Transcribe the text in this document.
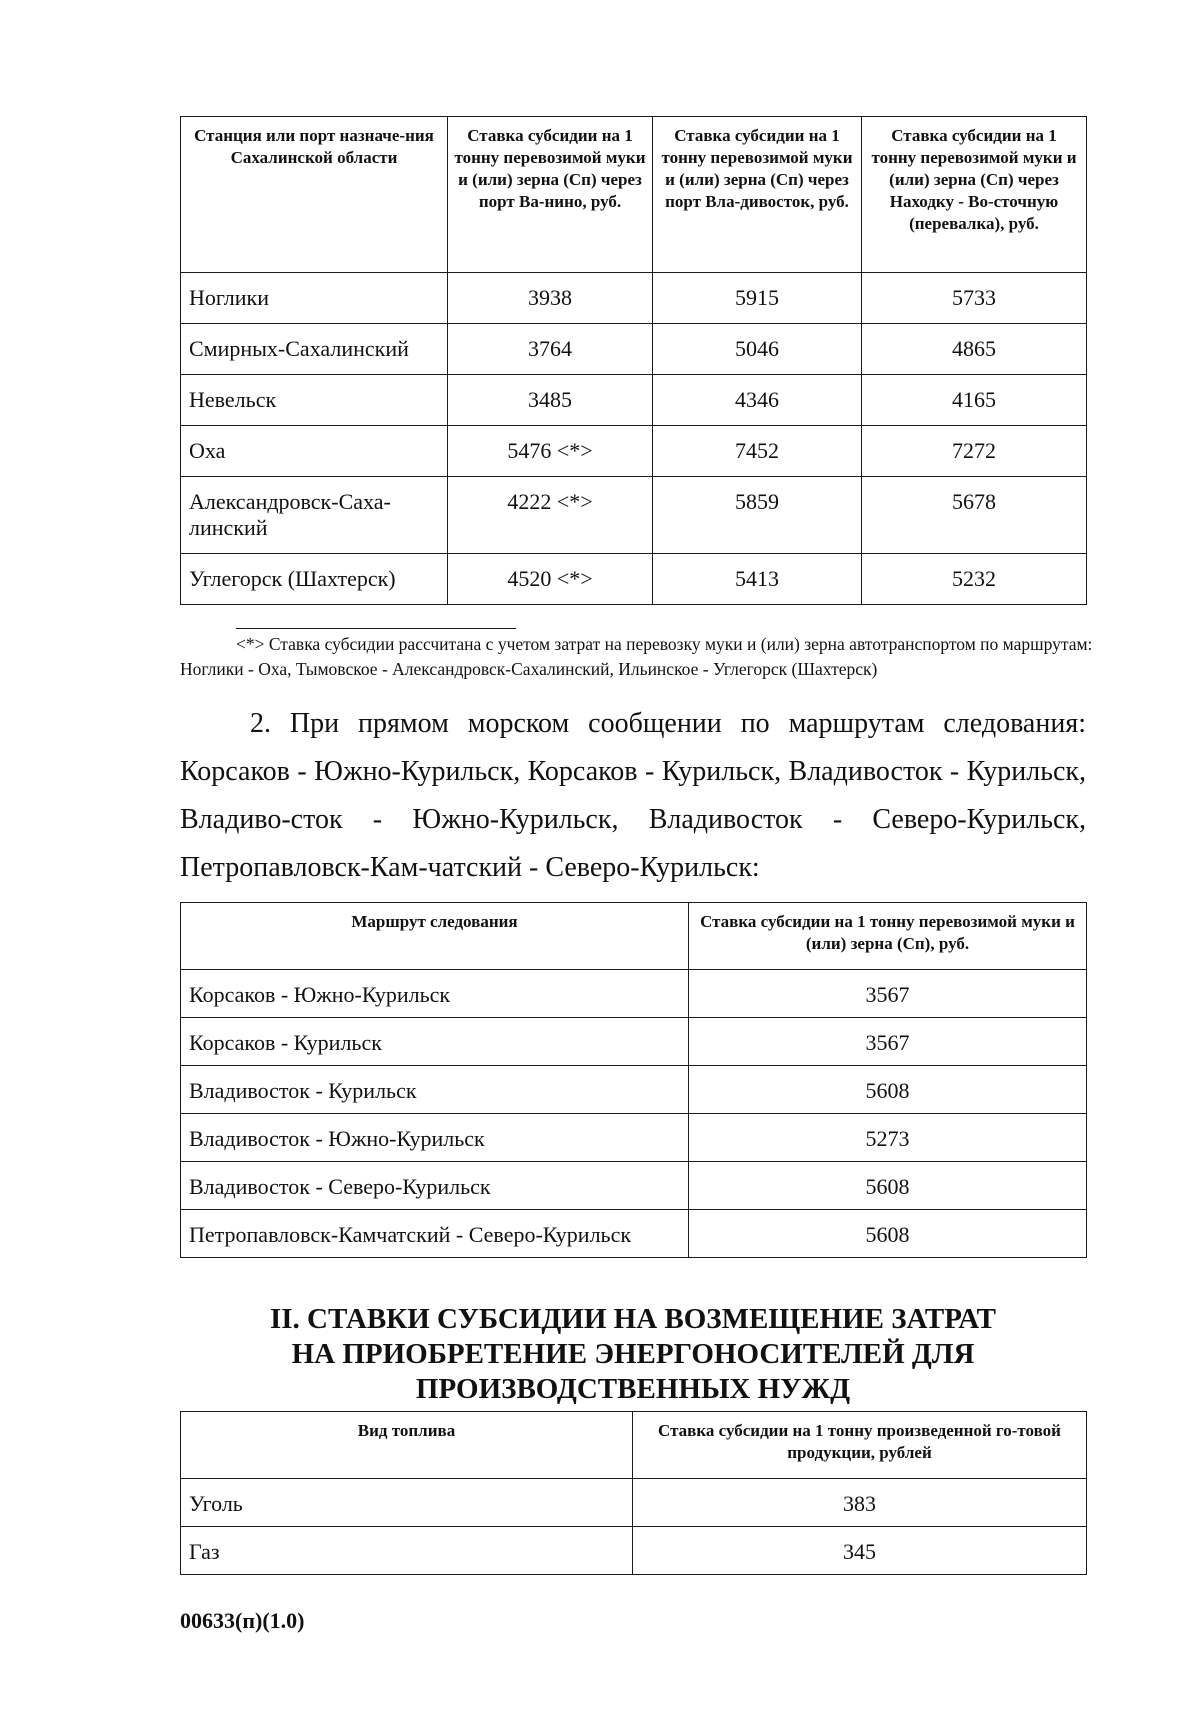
Станция или порт назначе-ния Сахалинской области	Ставка субсидии на 1 тонну перевозимой муки и (или) зерна (Сп) через порт Ва-нино, руб.	Ставка субсидии на 1 тонну перевозимой муки и (или) зерна (Сп) через порт Вла-дивосток, руб.	Ставка субсидии на 1 тонну перевозимой муки и (или) зерна (Сп) через Находку - Во-сточную (перевалка), руб.
Ноглики	3938	5915	5733
Смирных-Сахалинский	3764	5046	4865
Невельск	3485	4346	4165
Оха	5476 <*>	7452	7272
Александровск-Саха-линский	4222 <*>	5859	5678
Углегорск (Шахтерск)	4520 <*>	5413	5232
<*> Ставка субсидии рассчитана с учетом затрат на перевозку муки и (или) зерна автотранспортом по маршрутам: Ноглики - Оха, Тымовское - Александровск-Сахалинский, Ильинское - Углегорск (Шахтерск)
2. При прямом морском сообщении по маршрутам следования: Корсаков - Южно-Курильск, Корсаков - Курильск, Владивосток - Курильск, Владиво-сток - Южно-Курильск, Владивосток - Северо-Курильск, Петропавловск-Кам-чатский - Северо-Курильск:
Маршрут следования	Ставка субсидии на 1 тонну перевозимой муки и (или) зерна (Сп), руб.
Корсаков - Южно-Курильск	3567
Корсаков - Курильск	3567
Владивосток - Курильск	5608
Владивосток - Южно-Курильск	5273
Владивосток - Северо-Курильск	5608
Петропавловск-Камчатский - Северо-Курильск	5608
II. СТАВКИ СУБСИДИИ НА ВОЗМЕЩЕНИЕ ЗАТРАТ
НА ПРИОБРЕТЕНИЕ ЭНЕРГОНОСИТЕЛЕЙ ДЛЯ
ПРОИЗВОДСТВЕННЫХ НУЖД
Вид топлива	Ставка субсидии на 1 тонну произведенной го-товой продукции, рублей
Уголь	383
Газ	345
00633(п)(1.0)
